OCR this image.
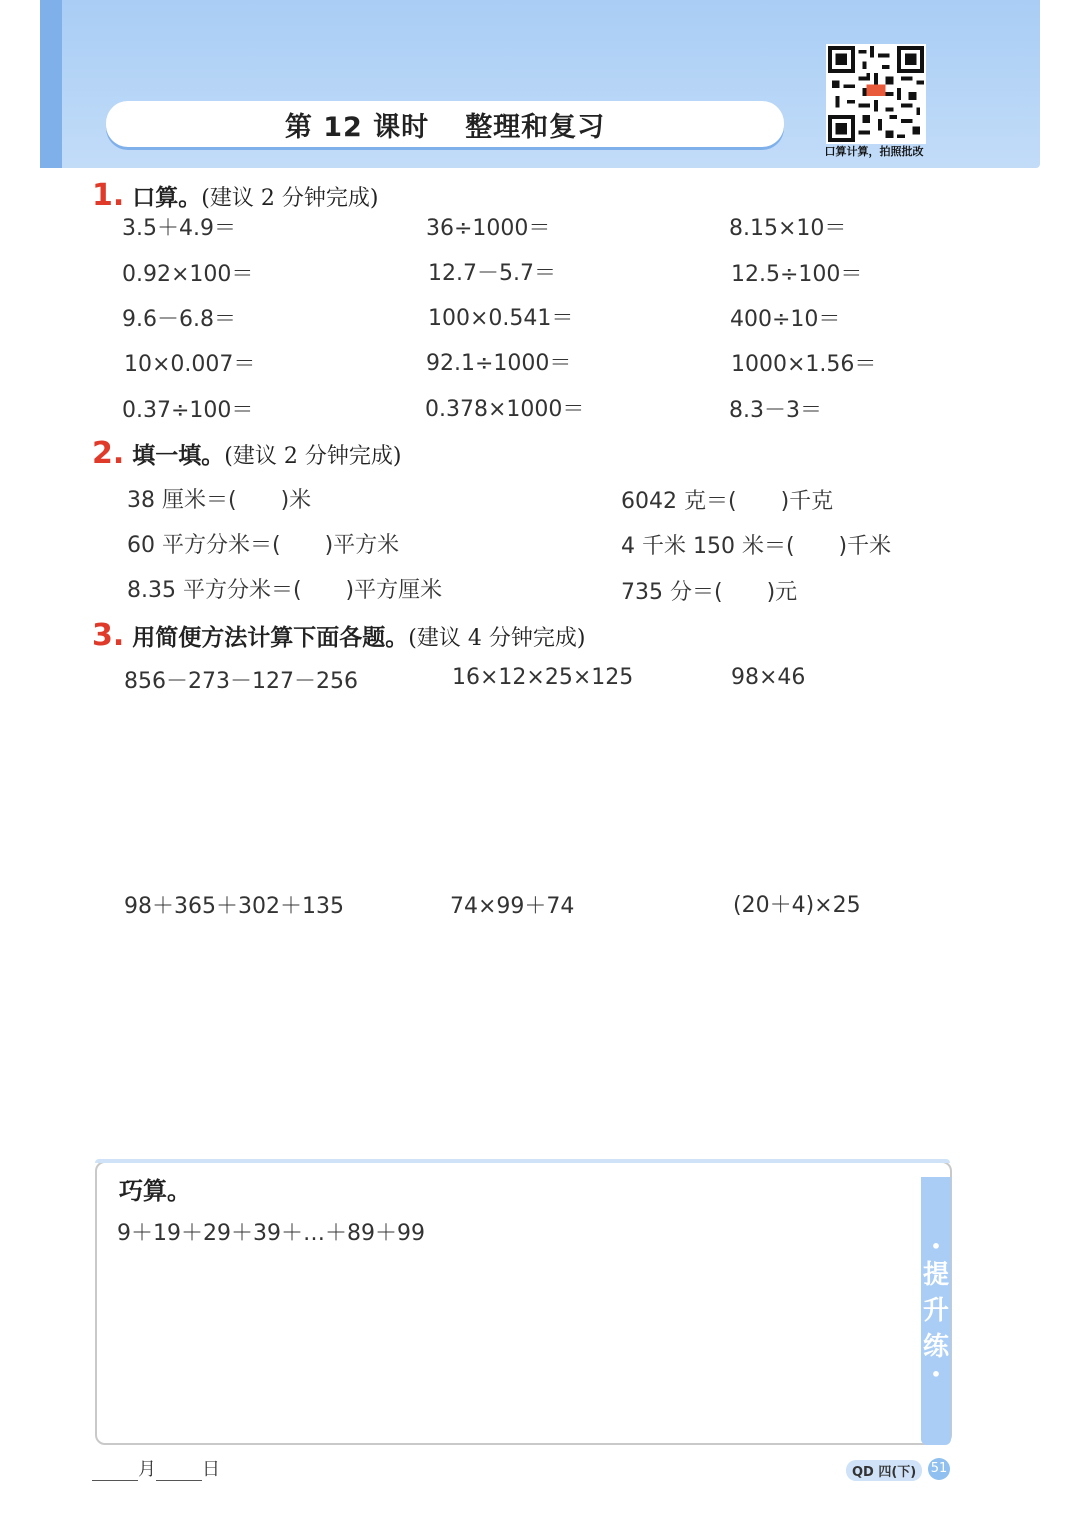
第 12 课时 整理和复习
口算计算，拍照批改
1. 口算。(建议 2 分钟完成)
3.5＋4.9＝	36÷1000＝	8.15×10＝
0.92×100＝	12.7－5.7＝	12.5÷100＝
9.6－6.8＝	100×0.541＝	400÷10＝
10×0.007＝	92.1÷1000＝	1000×1.56＝
0.37÷100＝	0.378×1000＝	8.3－3＝
2. 填一填。(建议 2 分钟完成)
38 厘米＝(　　)米	6042 克＝(　　)千克
60 平方分米＝(　　)平方米	4 千米 150 米＝(　　)千米
8.35 平方分米＝(　　)平方厘米	735 分＝(　　)元
3. 用简便方法计算下面各题。(建议 4 分钟完成)
856－273－127－256	16×12×25×125	98×46
98＋365＋302＋135	74×99＋74	(20＋4)×25
巧算。
9＋19＋29＋39＋…＋89＋99
•
提
升
练
•
月	日	QD 四(下)	51
